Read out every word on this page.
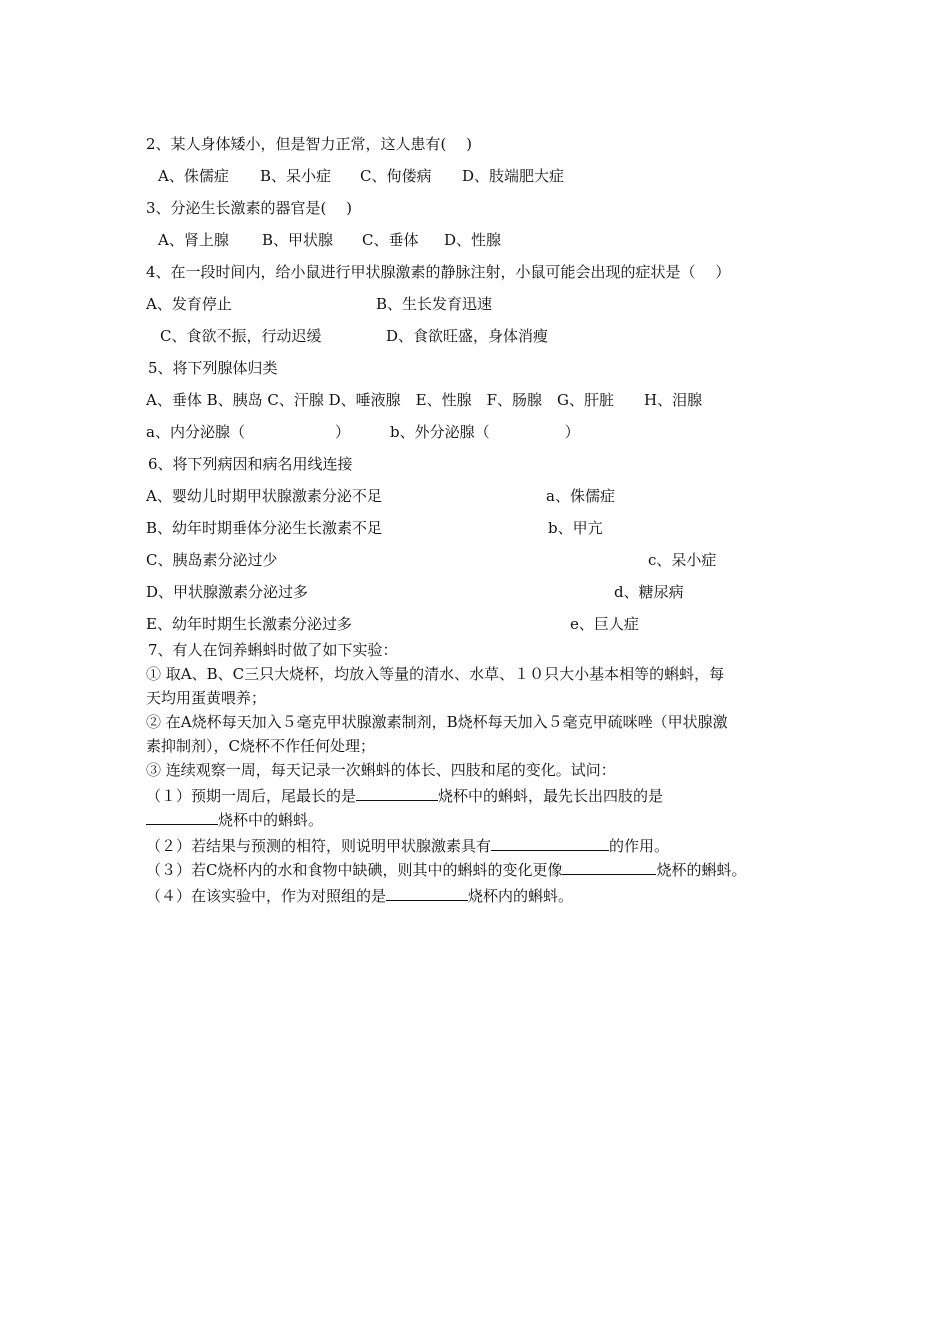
2、某人身体矮小，但是智力正常，这人患有(　 )
A、侏儒症 B、呆小症 C、佝偻病 D、肢端肥大症
3、分泌生长激素的器官是(　 )
A、肾上腺 B、甲状腺 C、垂体 D、性腺
4、在一段时间内，给小鼠进行甲状腺激素的静脉注射，小鼠可能会出现的症状是（　 ）
A、发育停止	B、生长发育迅速
C、食欲不振，行动迟缓	D、食欲旺盛，身体消瘦
5、将下列腺体归类
A、垂体 B、胰岛 C、汗腺 D、唾液腺　E、性腺　F、肠腺　G、肝脏　　H、泪腺
a、内分泌腺（　　　　　　）	b、外分泌腺（　　　　　）
6、将下列病因和病名用线连接
A、婴幼儿时期甲状腺激素分泌不足	a、侏儒症
B、幼年时期垂体分泌生长激素不足	b、甲亢
C、胰岛素分泌过少	c、呆小症
D、甲状腺激素分泌过多	d、糖尿病
E、幼年时期生长激素分泌过多	e、巨人症
7、有人在饲养蝌蚪时做了如下实验：
① 取A、B、C三只大烧杯，均放入等量的清水、水草、１０只大小基本相等的蝌蚪，每
天均用蛋黄喂养；
② 在A烧杯每天加入５毫克甲状腺激素制剂，B烧杯每天加入５毫克甲硫咪唑（甲状腺激
素抑制剂），C烧杯不作任何处理；
③ 连续观察一周，每天记录一次蝌蚪的体长、四肢和尾的变化。试问：
（１）预期一周后，尾最长的是	烧杯中的蝌蚪，最先长出四肢的是
烧杯中的蝌蚪。
（２）若结果与预测的相符，则说明甲状腺激素具有	的作用。
（３）若C烧杯内的水和食物中缺碘，则其中的蝌蚪的变化更像	烧杯的蝌蚪。
（４）在该实验中，作为对照组的是	烧杯内的蝌蚪。
